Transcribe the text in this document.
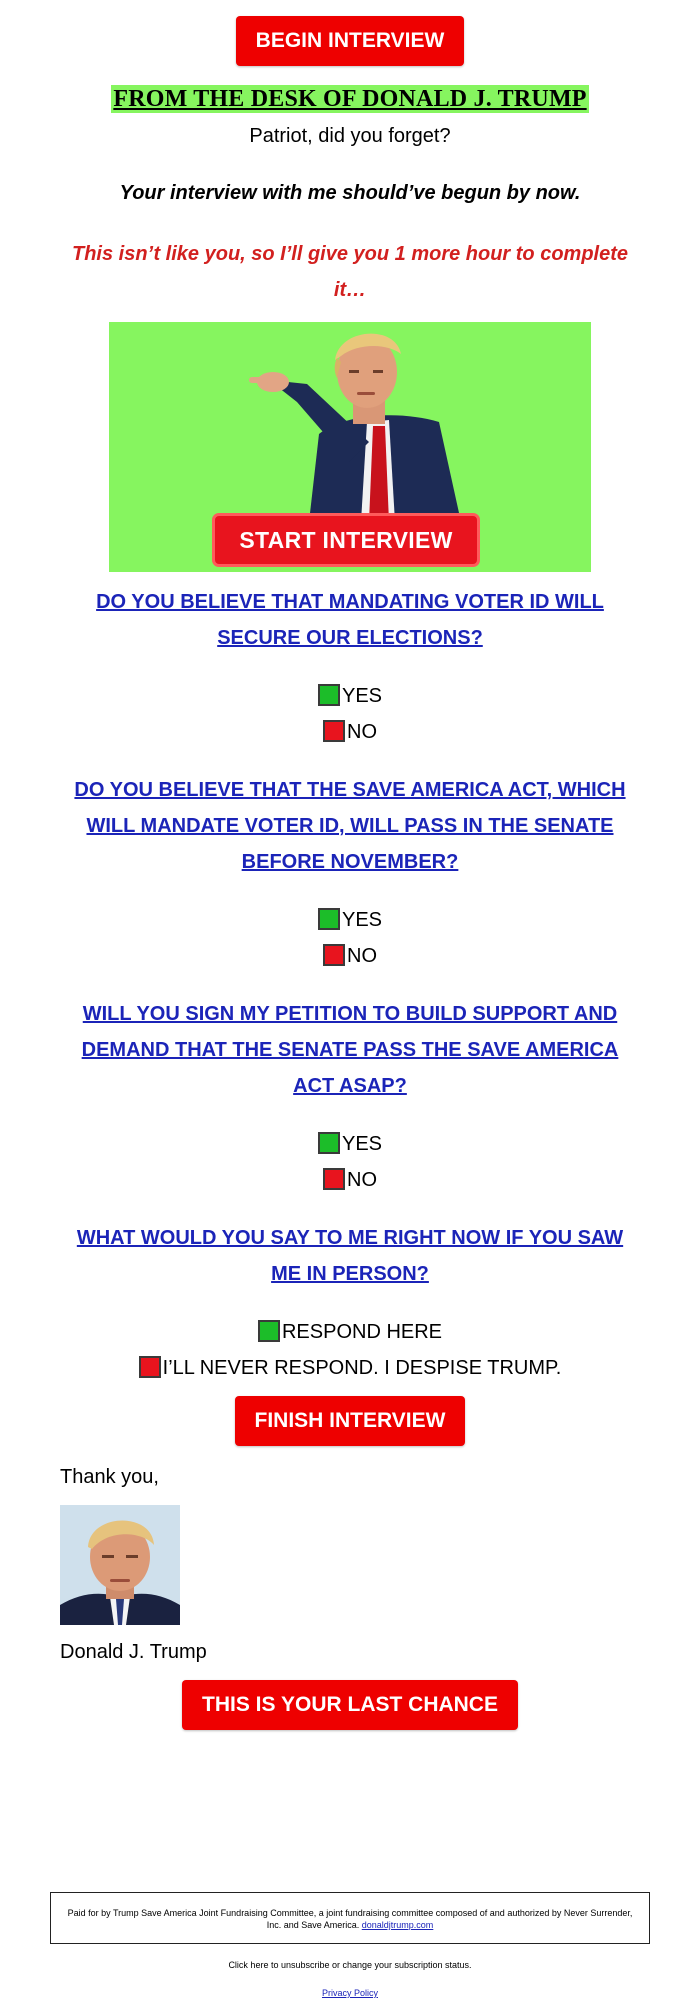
BEGIN INTERVIEW
FROM THE DESK OF DONALD J. TRUMP
Patriot, did you forget?
Your interview with me should’ve begun by now.
This isn’t like you, so I’ll give you 1 more hour to complete it…
START INTERVIEW
DO YOU BELIEVE THAT MANDATING VOTER ID WILL SECURE OUR ELECTIONS?
YES
NO
DO YOU BELIEVE THAT THE SAVE AMERICA ACT, WHICH WILL MANDATE VOTER ID, WILL PASS IN THE SENATE BEFORE NOVEMBER?
YES
NO
WILL YOU SIGN MY PETITION TO BUILD SUPPORT AND DEMAND THAT THE SENATE PASS THE SAVE AMERICA ACT ASAP?
YES
NO
WHAT WOULD YOU SAY TO ME RIGHT NOW IF YOU SAW ME IN PERSON?
RESPOND HERE
I’LL NEVER RESPOND. I DESPISE TRUMP.
FINISH INTERVIEW
Thank you,
Donald J. Trump
THIS IS YOUR LAST CHANCE
Paid for by Trump Save America Joint Fundraising Committee, a joint fundraising committee composed of and authorized by Never Surrender, Inc. and Save America. donaldjtrump.com
Click here to unsubscribe or change your subscription status.
Privacy Policy
